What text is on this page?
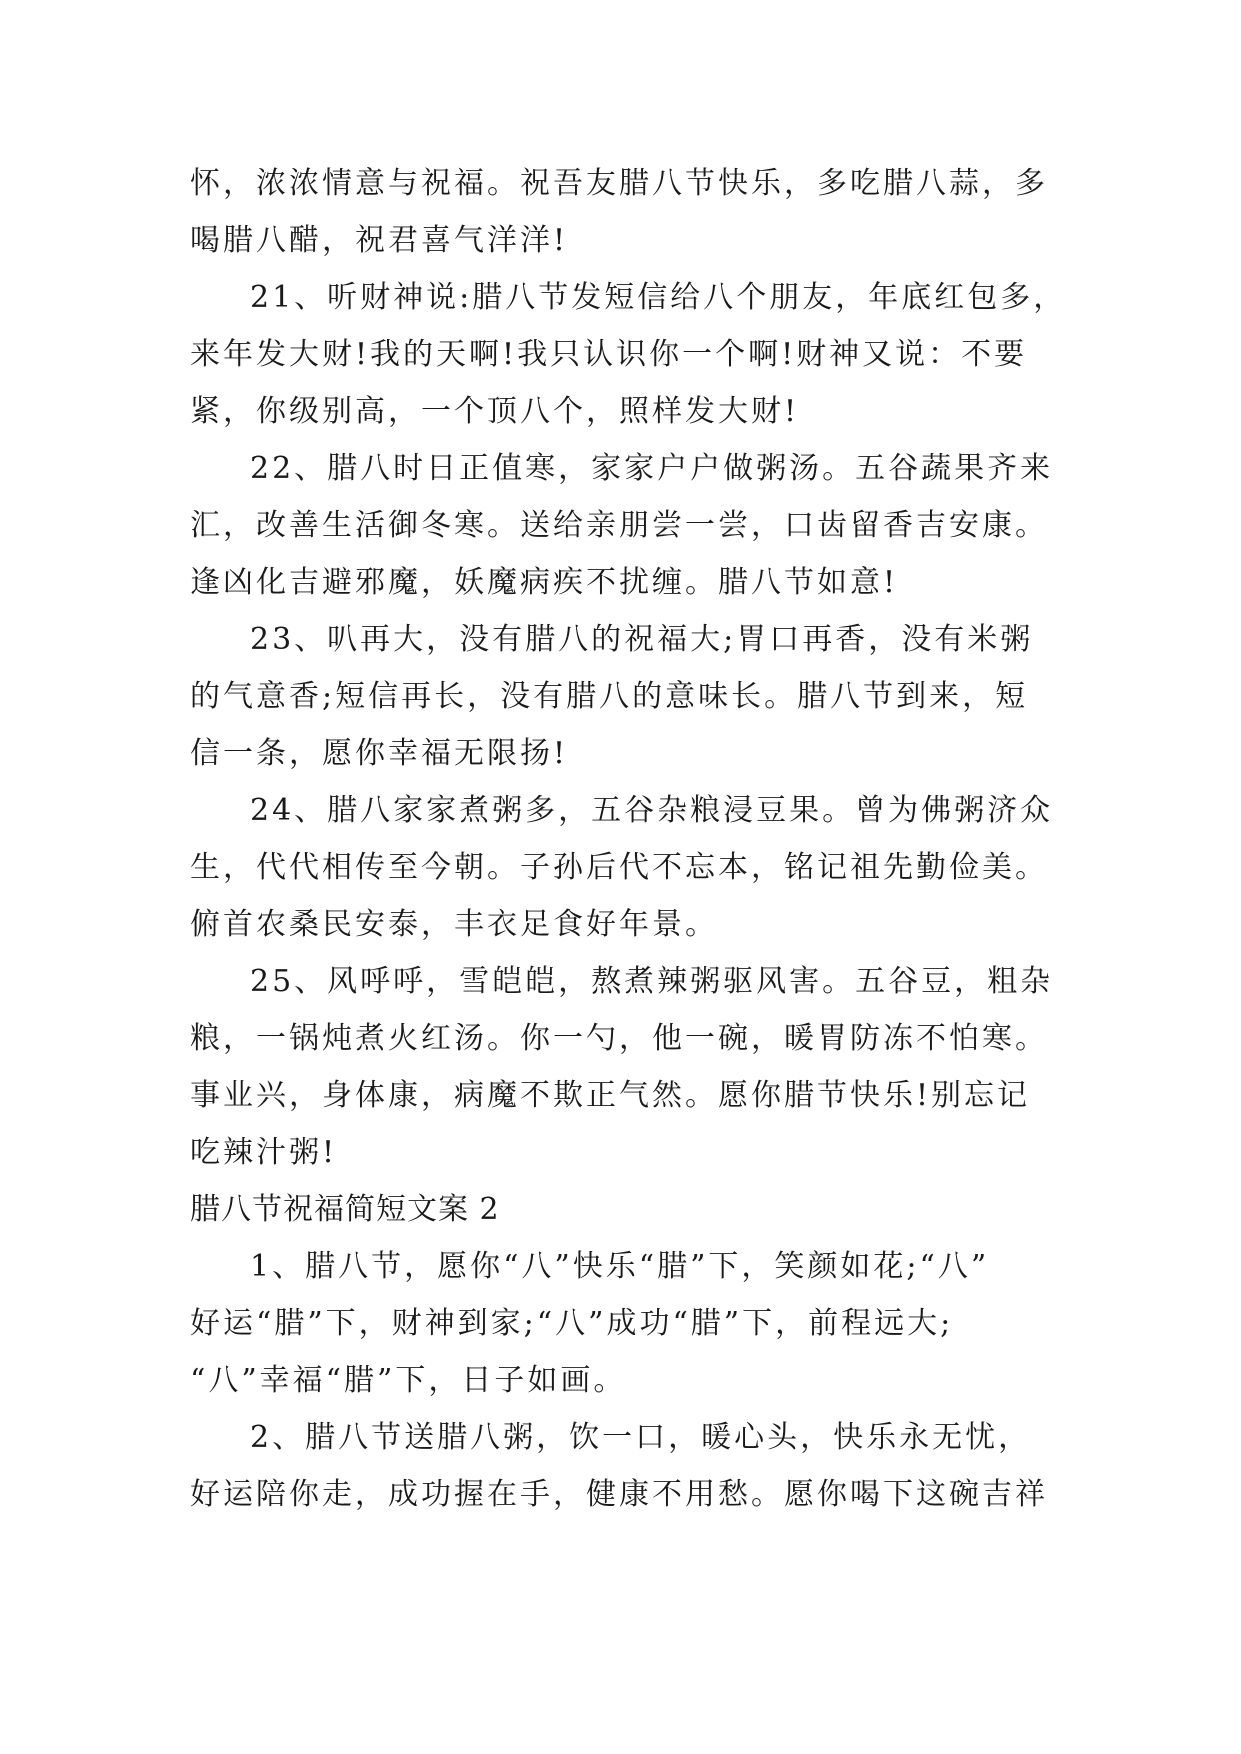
怀，浓浓情意与祝福。祝吾友腊八节快乐，多吃腊八蒜，多
喝腊八醋，祝君喜气洋洋!
21、听财神说:腊八节发短信给八个朋友，年底红包多，
来年发大财!我的天啊!我只认识你一个啊!财神又说：不要
紧，你级别高，一个顶八个，照样发大财!
22、腊八时日正值寒，家家户户做粥汤。五谷蔬果齐来
汇，改善生活御冬寒。送给亲朋尝一尝，口齿留香吉安康。
逢凶化吉避邪魔，妖魔病疾不扰缠。腊八节如意!
23、叭再大，没有腊八的祝福大;胃口再香，没有米粥
的气意香;短信再长，没有腊八的意味长。腊八节到来，短
信一条，愿你幸福无限扬!
24、腊八家家煮粥多，五谷杂粮浸豆果。曾为佛粥济众
生，代代相传至今朝。子孙后代不忘本，铭记祖先勤俭美。
俯首农桑民安泰，丰衣足食好年景。
25、风呼呼，雪皑皑，熬煮辣粥驱风害。五谷豆，粗杂
粮，一锅炖煮火红汤。你一勺，他一碗，暖胃防冻不怕寒。
事业兴，身体康，病魔不欺正气然。愿你腊节快乐!别忘记
吃辣汁粥!
腊八节祝福简短文案 2
1、腊八节，愿你“八”快乐“腊”下，笑颜如花;“八”
好运“腊”下，财神到家;“八”成功“腊”下，前程远大;
“八”幸福“腊”下，日子如画。
2、腊八节送腊八粥，饮一口，暖心头，快乐永无忧，
好运陪你走，成功握在手，健康不用愁。愿你喝下这碗吉祥
